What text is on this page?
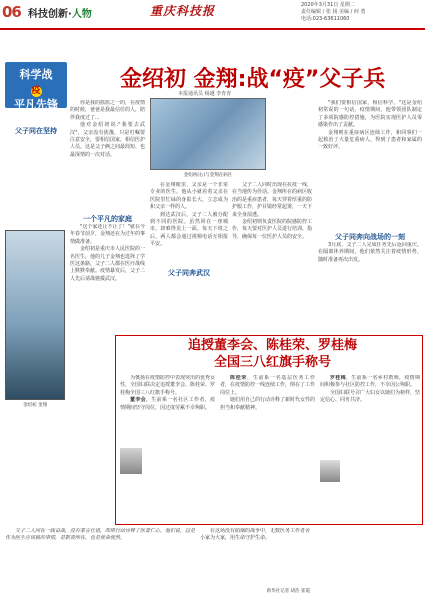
06 科技创新·人物	重庆科技报	2020年3月31日 星期二
责任编辑 / 张 扬 美编 / 何 勇
电话:023-63611060
科学战
疫
平凡先锋
金绍初 金翔:战“疫”父子兵
本报通讯员 杨越 李青青

你是我的摇篮之一的，在疫情的时候，爸爸是我最信任的人，陪伴我度过了...

他对金绍初说:"我要去武汉"，父亲没有犹豫，只是叮嘱要注意安全，要相信国家，相信医护人员。这是父子俩之间最简短、也最深情的一次对话。

一个平凡的家庭

"这个家还让不让了！"就在今年春节前夕，金翔还在为过年的事情做准备。

金绍初是重庆市人民医院的一名医生，他的儿子金翔也选择了学医这条路，父子二人都在医疗战线上默默奉献。疫情暴发后，父子二人先后请战驰援武汉。

金绍初 金翔
金绍初(右)与金翔在病区

在金翔眼里，父亲是一个非常专业的医生，他从小就看着父亲在医院里忙碌的身影长大，立志成为和父亲一样的人。

到达武汉后，父子二人被分配到不同的医院。虽然同在一座城市，却难得见上一面。每天下班之后，两人都会通过视频电话互相报平安。

父子同奔武汉

父子二人同时出现在抗疫一线，在当地传为佳话。金翔所在的病区收治的是重症患者，每天穿着厚重的防护服工作，护目镜经常起雾，一天下来全身湿透。

金绍初则负责医院的院感防控工作，每天要对医护人员进行培训、指导，确保每一位医护人员的安全。

"我们要相信国家，相信科学。"这是金绍初常说的一句话。疫情期间，他带领团队制定了多项院感防控措施，为医院实现医护人员零感染作出了贡献。

金翔则在重症病区连续工作，和同事们一起救治了大量危重病人，得到了患者和家属的一致好评。

父子同奔向战场的一刻

3月底，父子二人完成任务先后返回重庆。在隔离休养期间，他们依然关注着疫情形势，随时准备再次出发。

父子同在坚持
追授董李会、陈桂荣、罗桂梅
全国三八红旗手称号

为褒扬在疫情防控中表现突出的优秀女性，全国妇联决定追授董李会、陈桂荣、罗桂梅全国三八红旗手称号。

董李会，生前系一名社区工作者，疫情期间坚守岗位，因过度劳累不幸殉职。

陈桂荣，生前系一名基层医务工作者，在疫情防控一线连续工作，倒在了工作岗位上。

她们用自己的行动诠释了新时代女性的担当和奉献精神。

罗桂梅，生前系一名乡村教师，疫情期间积极参与社区防控工作，不幸因公殉职。

全国妇联号召广大妇女以她们为榜样，坚定信心、同舟共济。

父子二人同在一线奋战，没有豪言壮语，却用行动诠释了医者仁心。他们说，这是作为医生应该做的事情，是职责所在，也是使命使然。

在这场没有硝烟的战争中，无数医务工作者舍小家为大家，用生命守护生命。

新华社记者 胡浩 崔霞
